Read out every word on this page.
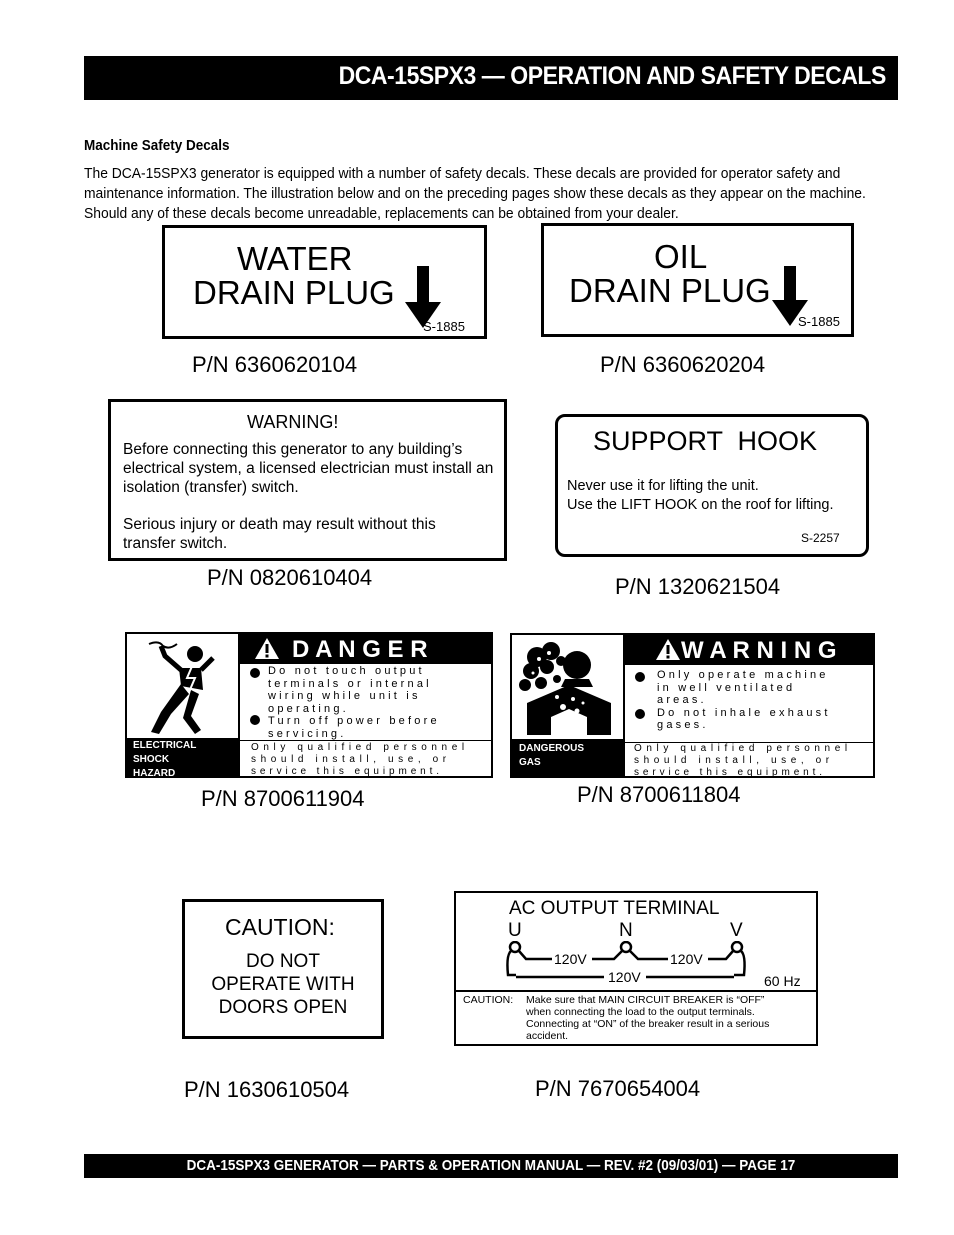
DCA-15SPX3 — OPERATION AND SAFETY DECALS
Machine Safety Decals
The DCA-15SPX3 generator is equipped with a number of safety decals. These decals are provided for operator safety and maintenance information. The illustration below and on the preceding pages show these decals as they appear on the machine. Should any of these decals become unreadable, replacements can be obtained from your dealer.
WATER
DRAIN PLUG
S-1885
P/N 6360620104
OIL
DRAIN PLUG
S-1885
P/N 6360620204
WARNING!
Before connecting this generator to any building’s electrical system, a licensed electrician must install an isolation (transfer) switch.
Serious injury or death may result without this transfer switch.
P/N 0820610404
SUPPORT  HOOK
Never use it for lifting the unit.
Use the LIFT HOOK on the roof for lifting.
S-2257
P/N 1320621504
D A N G E R
Do not touch output
terminals or internal
wiring while unit is
operating.
Turn off power before
servicing.
ELECTRICAL
SHOCK
HAZARD
Only qualified personnel
should install, use, or
service this equipment.
P/N 8700611904
W A R N I N G
Only operate machine
in well ventilated
areas.
Do not inhale exhaust
gases.
DANGEROUS
GAS
Only qualified personnel
should install, use, or
service this equipment.
P/N 8700611804
CAUTION:
DO NOT
OPERATE WITH
DOORS OPEN
P/N 1630610504
AC OUTPUT TERMINAL
U	N	V
120V	120V
120V	60 Hz
CAUTION: Make sure that MAIN CIRCUIT BREAKER is “OFF”
when connecting the load to the output terminals.
Connecting at “ON” of the breaker result in a serious
accident.
P/N 7670654004
DCA-15SPX3 GENERATOR — PARTS & OPERATION MANUAL — REV. #2 (09/03/01) — PAGE 17
